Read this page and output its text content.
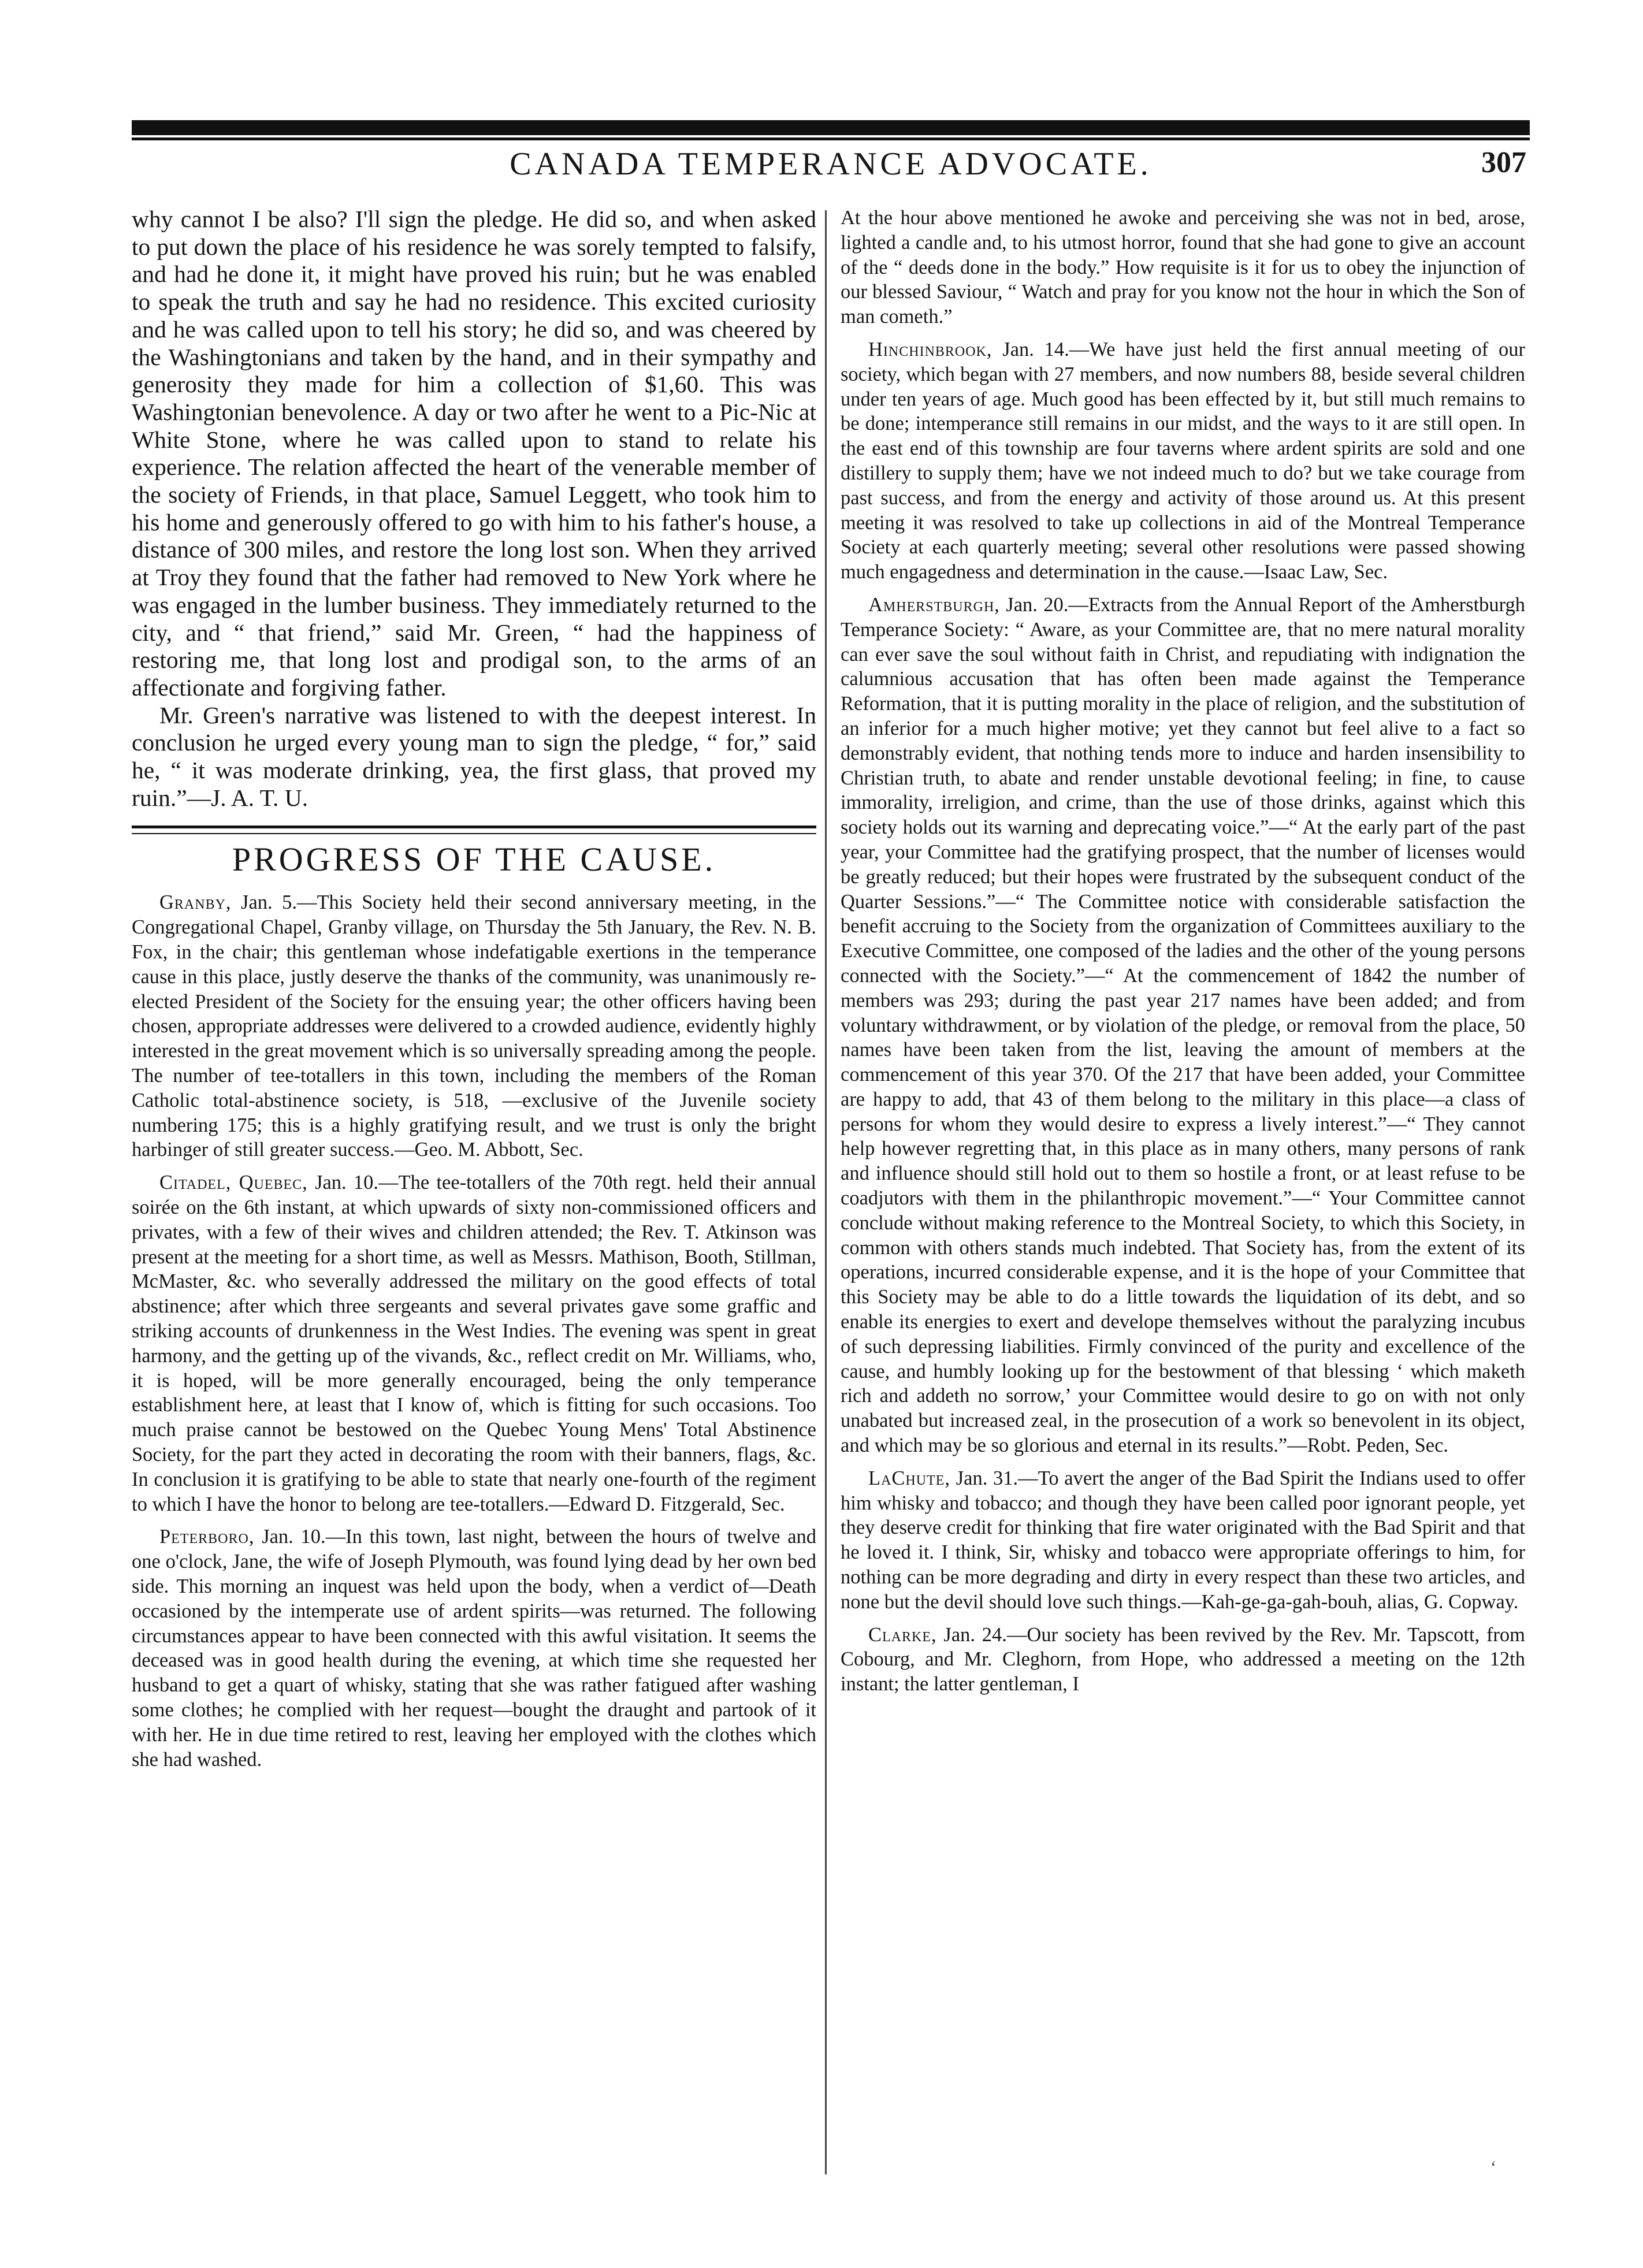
CANADA TEMPERANCE ADVOCATE.	307

why cannot I be also? I'll sign the pledge. He did so, and when asked to put down the place of his residence he was sorely tempted to falsify, and had he done it, it might have proved his ruin; but he was enabled to speak the truth and say he had no residence. This excited curiosity and he was called upon to tell his story; he did so, and was cheered by the Washingtonians and taken by the hand, and in their sympathy and generosity they made for him a collection of $1,60. This was Washingtonian benevolence. A day or two after he went to a Pic-Nic at White Stone, where he was called upon to stand to relate his experience. The relation affected the heart of the venerable member of the society of Friends, in that place, Samuel Leggett, who took him to his home and generously offered to go with him to his father's house, a distance of 300 miles, and restore the long lost son. When they arrived at Troy they found that the father had removed to New York where he was engaged in the lumber business. They immediately returned to the city, and “ that friend,” said Mr. Green, “ had the happiness of restoring me, that long lost and prodigal son, to the arms of an affectionate and forgiving father.

Mr. Green's narrative was listened to with the deepest interest. In conclusion he urged every young man to sign the pledge, “ for,” said he, “ it was moderate drinking, yea, the first glass, that proved my ruin.”—J. A. T. U.

PROGRESS OF THE CAUSE.

Granby, Jan. 5.—This Society held their second anniversary meeting, in the Congregational Chapel, Granby village, on Thursday the 5th January, the Rev. N. B. Fox, in the chair; this gentleman whose indefatigable exertions in the temperance cause in this place, justly deserve the thanks of the community, was unanimously re-elected President of the Society for the ensuing year; the other officers having been chosen, appropriate addresses were delivered to a crowded audience, evidently highly interested in the great movement which is so universally spreading among the people. The number of tee-totallers in this town, including the members of the Roman Catholic total-abstinence society, is 518, —exclusive of the Juvenile society numbering 175; this is a highly gratifying result, and we trust is only the bright harbinger of still greater success.—Geo. M. Abbott, Sec.

Citadel, Quebec, Jan. 10.—The tee-totallers of the 70th regt. held their annual soirée on the 6th instant, at which upwards of sixty non-commissioned officers and privates, with a few of their wives and children attended; the Rev. T. Atkinson was present at the meeting for a short time, as well as Messrs. Mathison, Booth, Stillman, McMaster, &c. who severally addressed the military on the good effects of total abstinence; after which three sergeants and several privates gave some graffic and striking accounts of drunkenness in the West Indies. The evening was spent in great harmony, and the getting up of the vivands, &c., reflect credit on Mr. Williams, who, it is hoped, will be more generally encouraged, being the only temperance establishment here, at least that I know of, which is fitting for such occasions. Too much praise cannot be bestowed on the Quebec Young Mens' Total Abstinence Society, for the part they acted in decorating the room with their banners, flags, &c. In conclusion it is gratifying to be able to state that nearly one-fourth of the regiment to which I have the honor to belong are tee-totallers.—Edward D. Fitzgerald, Sec.

Peterboro, Jan. 10.—In this town, last night, between the hours of twelve and one o'clock, Jane, the wife of Joseph Plymouth, was found lying dead by her own bed side. This morning an inquest was held upon the body, when a verdict of—Death occasioned by the intemperate use of ardent spirits—was returned. The following circumstances appear to have been connected with this awful visitation. It seems the deceased was in good health during the evening, at which time she requested her husband to get a quart of whisky, stating that she was rather fatigued after washing some clothes; he complied with her request—bought the draught and partook of it with her. He in due time retired to rest, leaving her employed with the clothes which she had washed.

At the hour above mentioned he awoke and perceiving she was not in bed, arose, lighted a candle and, to his utmost horror, found that she had gone to give an account of the “ deeds done in the body.” How requisite is it for us to obey the injunction of our blessed Saviour, “ Watch and pray for you know not the hour in which the Son of man cometh.”

Hinchinbrook, Jan. 14.—We have just held the first annual meeting of our society, which began with 27 members, and now numbers 88, beside several children under ten years of age. Much good has been effected by it, but still much remains to be done; intemperance still remains in our midst, and the ways to it are still open. In the east end of this township are four taverns where ardent spirits are sold and one distillery to supply them; have we not indeed much to do? but we take courage from past success, and from the energy and activity of those around us. At this present meeting it was resolved to take up collections in aid of the Montreal Temperance Society at each quarterly meeting; several other resolutions were passed showing much engagedness and determination in the cause.—Isaac Law, Sec.

Amherstburgh, Jan. 20.—Extracts from the Annual Report of the Amherstburgh Temperance Society: “ Aware, as your Committee are, that no mere natural morality can ever save the soul without faith in Christ, and repudiating with indignation the calumnious accusation that has often been made against the Temperance Reformation, that it is putting morality in the place of religion, and the substitution of an inferior for a much higher motive; yet they cannot but feel alive to a fact so demonstrably evident, that nothing tends more to induce and harden insensibility to Christian truth, to abate and render unstable devotional feeling; in fine, to cause immorality, irreligion, and crime, than the use of those drinks, against which this society holds out its warning and deprecating voice.”—“ At the early part of the past year, your Committee had the gratifying prospect, that the number of licenses would be greatly reduced; but their hopes were frustrated by the subsequent conduct of the Quarter Sessions.”—“ The Committee notice with considerable satisfaction the benefit accruing to the Society from the organization of Committees auxiliary to the Executive Committee, one composed of the ladies and the other of the young persons connected with the Society.”—“ At the commencement of 1842 the number of members was 293; during the past year 217 names have been added; and from voluntary withdrawment, or by violation of the pledge, or removal from the place, 50 names have been taken from the list, leaving the amount of members at the commencement of this year 370. Of the 217 that have been added, your Committee are happy to add, that 43 of them belong to the military in this place—a class of persons for whom they would desire to express a lively interest.”—“ They cannot help however regretting that, in this place as in many others, many persons of rank and influence should still hold out to them so hostile a front, or at least refuse to be coadjutors with them in the philanthropic movement.”—“ Your Committee cannot conclude without making reference to the Montreal Society, to which this Society, in common with others stands much indebted. That Society has, from the extent of its operations, incurred considerable expense, and it is the hope of your Committee that this Society may be able to do a little towards the liquidation of its debt, and so enable its energies to exert and develope themselves without the paralyzing incubus of such depressing liabilities. Firmly convinced of the purity and excellence of the cause, and humbly looking up for the bestowment of that blessing ‘ which maketh rich and addeth no sorrow,’ your Committee would desire to go on with not only unabated but increased zeal, in the prosecution of a work so benevolent in its object, and which may be so glorious and eternal in its results.”—Robt. Peden, Sec.

LaChute, Jan. 31.—To avert the anger of the Bad Spirit the Indians used to offer him whisky and tobacco; and though they have been called poor ignorant people, yet they deserve credit for thinking that fire water originated with the Bad Spirit and that he loved it. I think, Sir, whisky and tobacco were appropriate offerings to him, for nothing can be more degrading and dirty in every respect than these two articles, and none but the devil should love such things.—Kah-ge-ga-gah-bouh, alias, G. Copway.

Clarke, Jan. 24.—Our society has been revived by the Rev. Mr. Tapscott, from Cobourg, and Mr. Cleghorn, from Hope, who addressed a meeting on the 12th instant; the latter gentleman, I

‘
